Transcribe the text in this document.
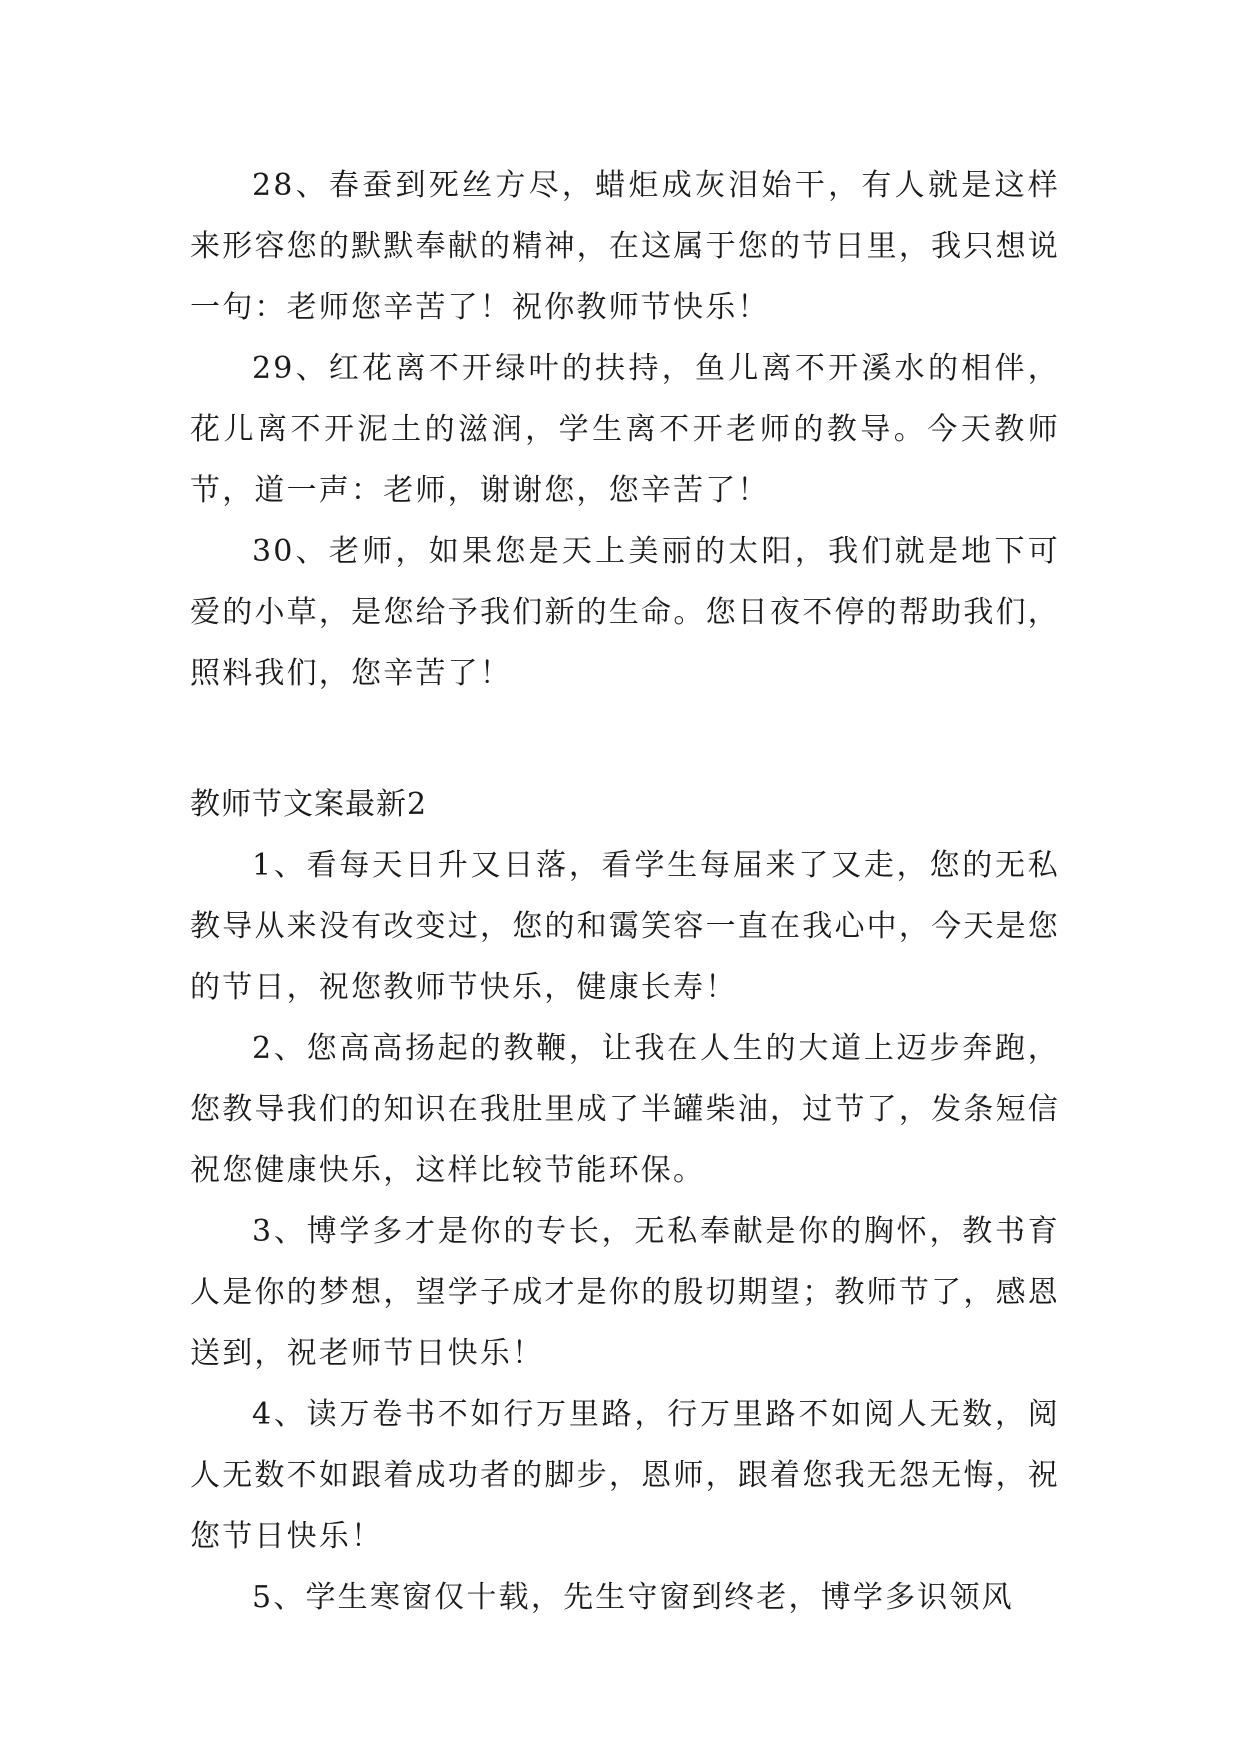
28、春蚕到死丝方尽，蜡炬成灰泪始干，有人就是这样来形容您的默默奉献的精神，在这属于您的节日里，我只想说一句：老师您辛苦了！祝你教师节快乐！

29、红花离不开绿叶的扶持，鱼儿离不开溪水的相伴，花儿离不开泥土的滋润，学生离不开老师的教导。今天教师节，道一声：老师，谢谢您，您辛苦了！

30、老师，如果您是天上美丽的太阳，我们就是地下可爱的小草，是您给予我们新的生命。您日夜不停的帮助我们，照料我们，您辛苦了！

教师节文案最新2

1、看每天日升又日落，看学生每届来了又走，您的无私教导从来没有改变过，您的和霭笑容一直在我心中，今天是您的节日，祝您教师节快乐，健康长寿！

2、您高高扬起的教鞭，让我在人生的大道上迈步奔跑，您教导我们的知识在我肚里成了半罐柴油，过节了，发条短信祝您健康快乐，这样比较节能环保。

3、博学多才是你的专长，无私奉献是你的胸怀，教书育人是你的梦想，望学子成才是你的殷切期望；教师节了，感恩送到，祝老师节日快乐！

4、读万卷书不如行万里路，行万里路不如阅人无数，阅人无数不如跟着成功者的脚步，恩师，跟着您我无怨无悔，祝您节日快乐！

5、学生寒窗仅十载，先生守窗到终老，博学多识领风
